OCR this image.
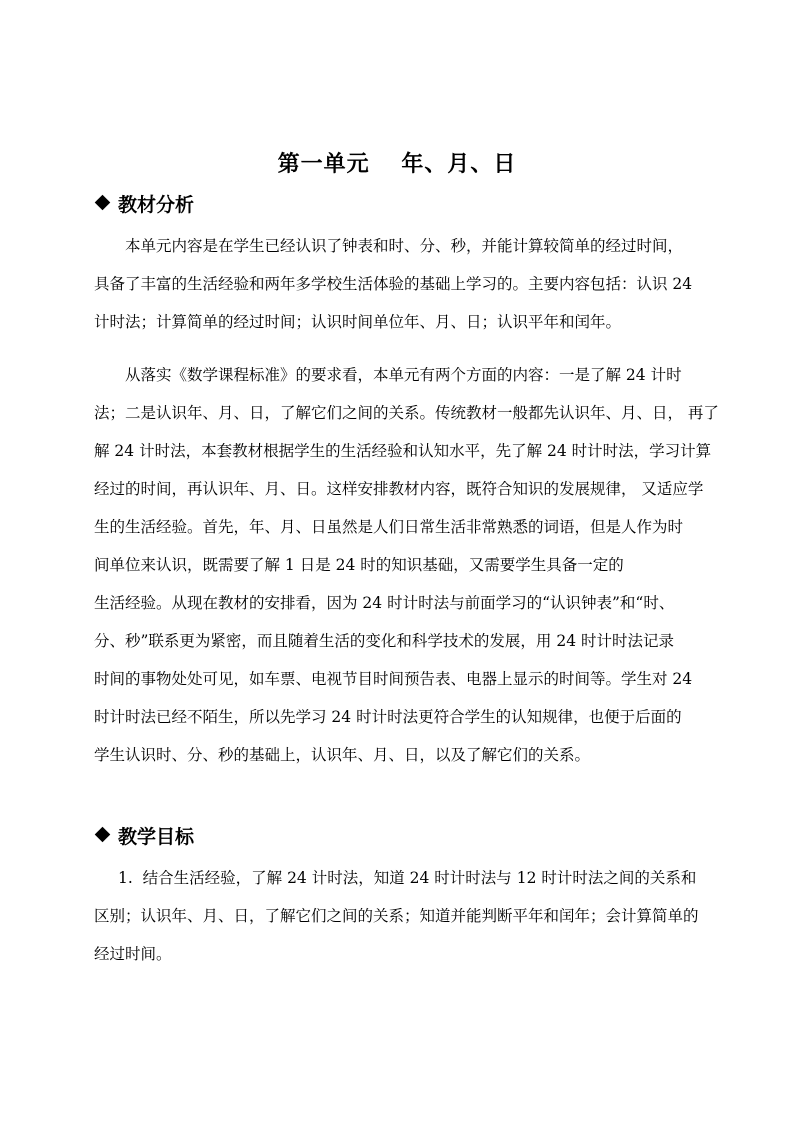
第一单元　 年、月、日
教材分析
本单元内容是在学生已经认识了钟表和时、分、秒，并能计算较简单的经过时间，
具备了丰富的生活经验和两年多学校生活体验的基础上学习的。主要内容包括：认识 24
计时法；计算简单的经过时间；认识时间单位年、月、日；认识平年和闰年。
从落实《数学课程标准》的要求看，本单元有两个方面的内容：一是了解 24 计时
法；二是认识年、月、日，了解它们之间的关系。传统教材一般都先认识年、月、日， 再了
解 24 计时法，本套教材根据学生的生活经验和认知水平，先了解 24 时计时法，学习计算
经过的时间，再认识年、月、日。这样安排教材内容，既符合知识的发展规律， 又适应学
生的生活经验。首先，年、月、日虽然是人们日常生活非常熟悉的词语，但是人作为时
间单位来认识，既需要了解 1 日是 24 时的知识基础，又需要学生具备一定的
生活经验。从现在教材的安排看，因为 24 时计时法与前面学习的“认识钟表”和“时、
分、秒”联系更为紧密，而且随着生活的变化和科学技术的发展，用 24 时计时法记录
时间的事物处处可见，如车票、电视节目时间预告表、电器上显示的时间等。学生对 24
时计时法已经不陌生，所以先学习 24 时计时法更符合学生的认知规律，也便于后面的
学生认识时、分、秒的基础上，认识年、月、日，以及了解它们的关系。
教学目标
1.  结合生活经验，了解 24 计时法，知道 24 时计时法与 12 时计时法之间的关系和
区别；认识年、月、日，了解它们之间的关系；知道并能判断平年和闰年；会计算简单的
经过时间。
